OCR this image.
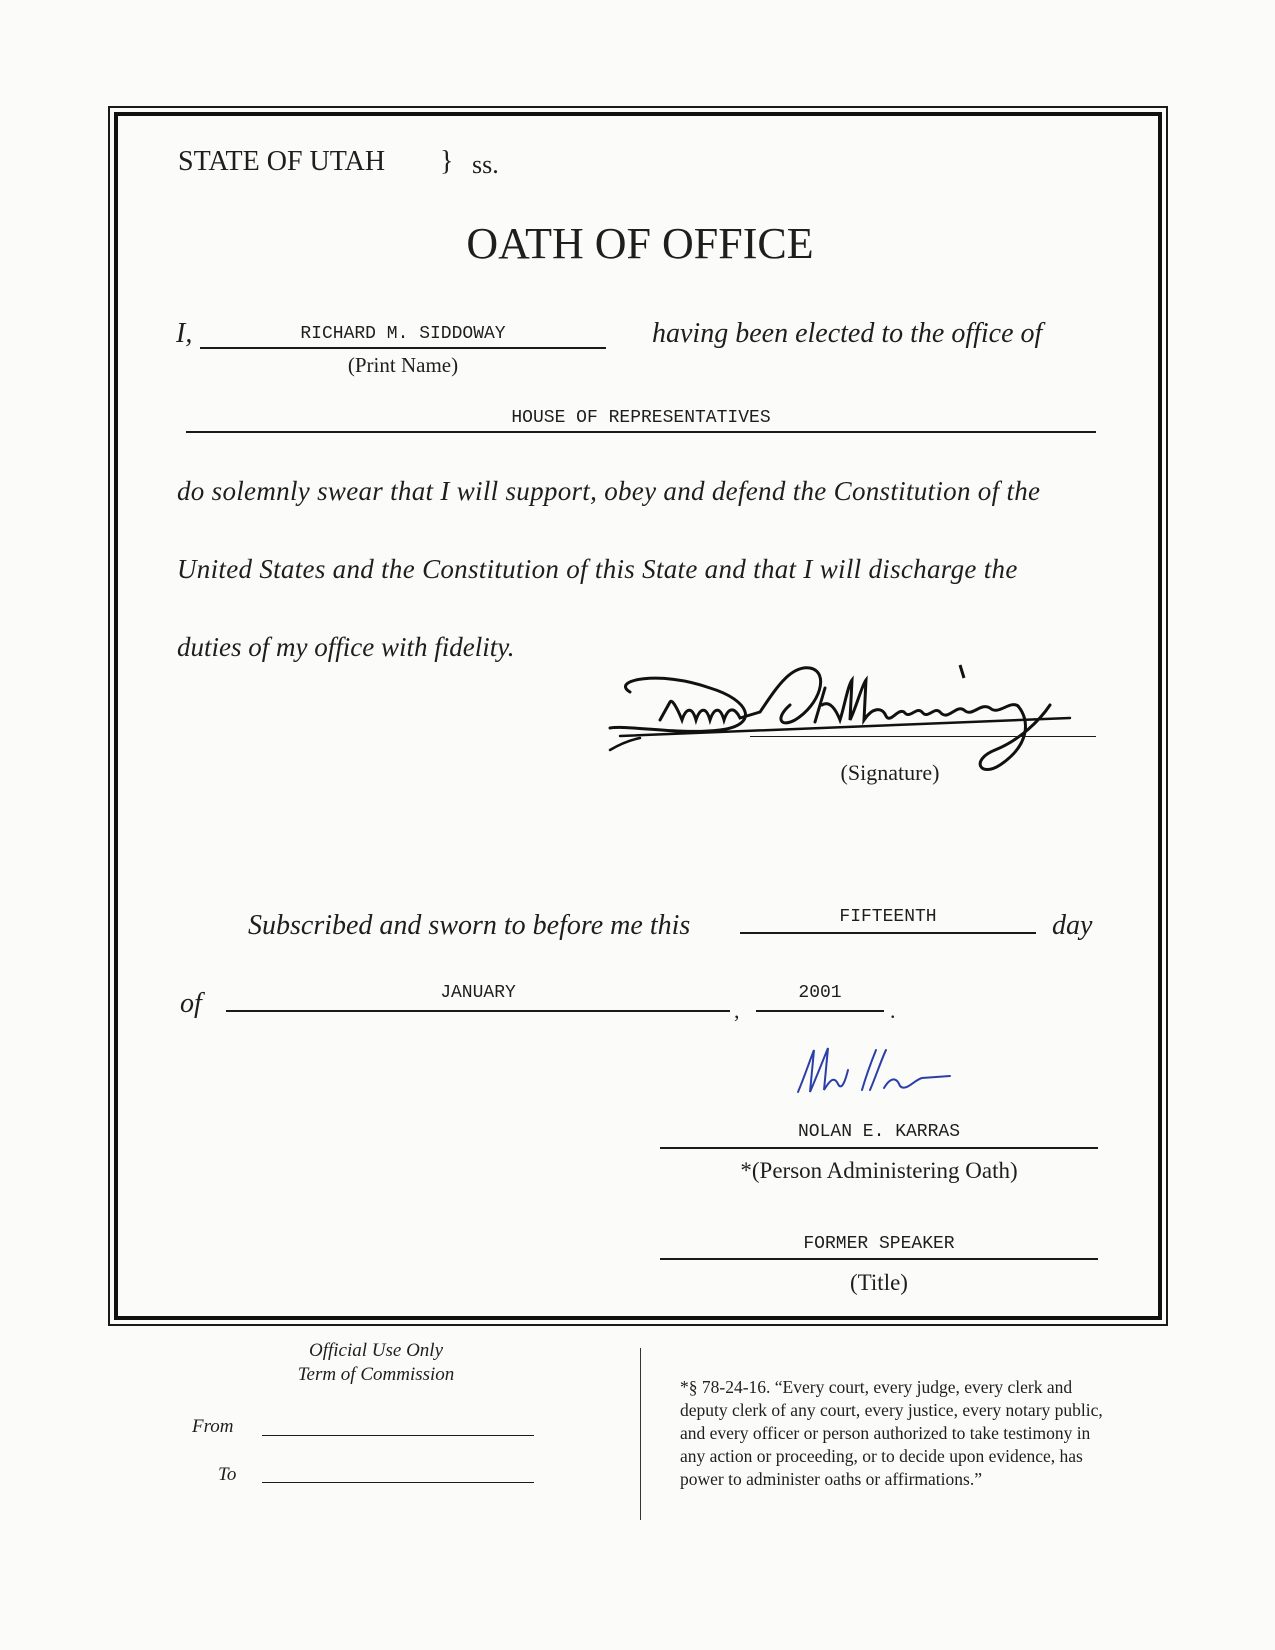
STATE OF UTAH } ss.
OATH OF OFFICE
I,	RICHARD M. SIDDOWAY
(Print Name)
having been elected to the office of
HOUSE OF REPRESENTATIVES
do solemnly swear that I will support, obey and defend the Constitution of the
United States and the Constitution of this State and that I will discharge the
duties of my office with fidelity.
(Signature)
Subscribed and sworn to before me this	FIFTEENTH	day
of	JANUARY
,
2001
.
NOLAN E. KARRAS
*(Person Administering Oath)
FORMER SPEAKER
(Title)
Official Use Only
Term of Commission
From
To
*§ 78-24-16. “Every court, every judge, every clerk and
deputy clerk of any court, every justice, every notary public,
and every officer or person authorized to take testimony in
any action or proceeding, or to decide upon evidence, has
power to administer oaths or affirmations.”
